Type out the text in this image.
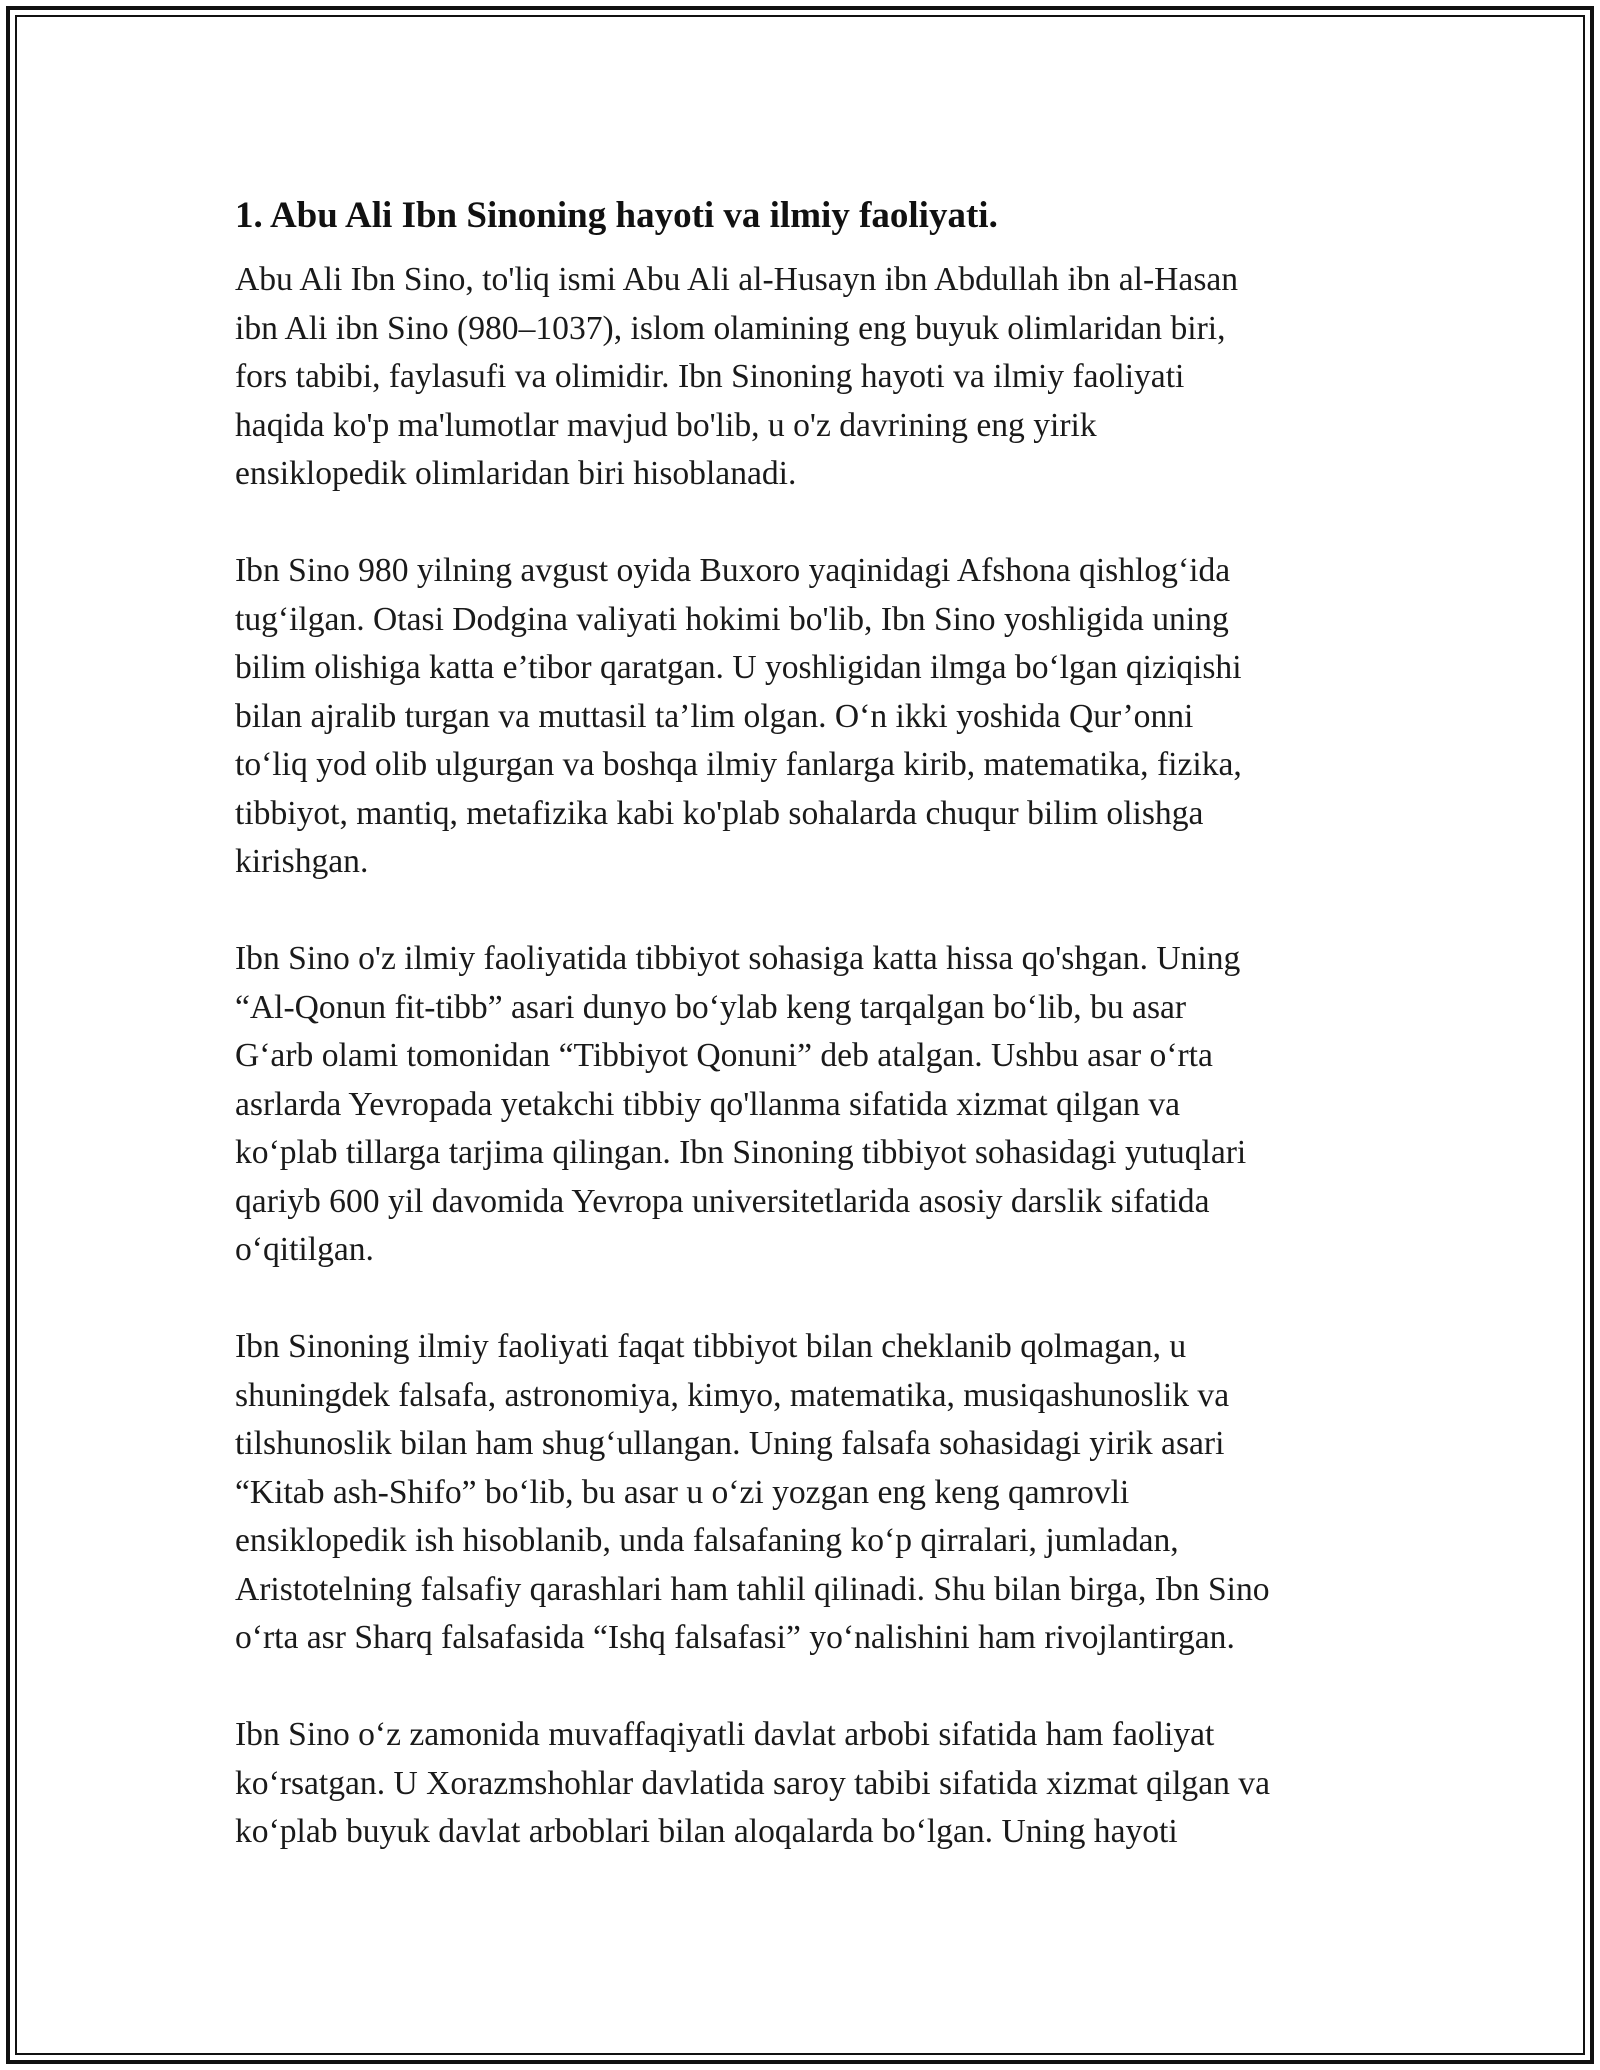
1. Abu Ali Ibn Sinoning hayoti va ilmiy faoliyati.

Abu Ali Ibn Sino, to'liq ismi Abu Ali al-Husayn ibn Abdullah ibn al-Hasan
ibn Ali ibn Sino (980–1037), islom olamining eng buyuk olimlaridan biri,
fors tabibi, faylasufi va olimidir. Ibn Sinoning hayoti va ilmiy faoliyati
haqida ko'p ma'lumotlar mavjud bo'lib, u o'z davrining eng yirik
ensiklopedik olimlaridan biri hisoblanadi.

Ibn Sino 980 yilning avgust oyida Buxoro yaqinidagi Afshona qishlog‘ida
tug‘ilgan. Otasi Dodgina valiyati hokimi bo'lib, Ibn Sino yoshligida uning
bilim olishiga katta e’tibor qaratgan. U yoshligidan ilmga bo‘lgan qiziqishi
bilan ajralib turgan va muttasil ta’lim olgan. O‘n ikki yoshida Qur’onni
to‘liq yod olib ulgurgan va boshqa ilmiy fanlarga kirib, matematika, fizika,
tibbiyot, mantiq, metafizika kabi ko'plab sohalarda chuqur bilim olishga
kirishgan.

Ibn Sino o'z ilmiy faoliyatida tibbiyot sohasiga katta hissa qo'shgan. Uning
“Al-Qonun fit-tibb” asari dunyo bo‘ylab keng tarqalgan bo‘lib, bu asar
G‘arb olami tomonidan “Tibbiyot Qonuni” deb atalgan. Ushbu asar o‘rta
asrlarda Yevropada yetakchi tibbiy qo'llanma sifatida xizmat qilgan va
ko‘plab tillarga tarjima qilingan. Ibn Sinoning tibbiyot sohasidagi yutuqlari
qariyb 600 yil davomida Yevropa universitetlarida asosiy darslik sifatida
o‘qitilgan.

Ibn Sinoning ilmiy faoliyati faqat tibbiyot bilan cheklanib qolmagan, u
shuningdek falsafa, astronomiya, kimyo, matematika, musiqashunoslik va
tilshunoslik bilan ham shug‘ullangan. Uning falsafa sohasidagi yirik asari
“Kitab ash-Shifo” bo‘lib, bu asar u o‘zi yozgan eng keng qamrovli
ensiklopedik ish hisoblanib, unda falsafaning ko‘p qirralari, jumladan,
Aristotelning falsafiy qarashlari ham tahlil qilinadi. Shu bilan birga, Ibn Sino
o‘rta asr Sharq falsafasida “Ishq falsafasi” yo‘nalishini ham rivojlantirgan.

Ibn Sino o‘z zamonida muvaffaqiyatli davlat arbobi sifatida ham faoliyat
ko‘rsatgan. U Xorazmshohlar davlatida saroy tabibi sifatida xizmat qilgan va
ko‘plab buyuk davlat arboblari bilan aloqalarda bo‘lgan. Uning hayoti
